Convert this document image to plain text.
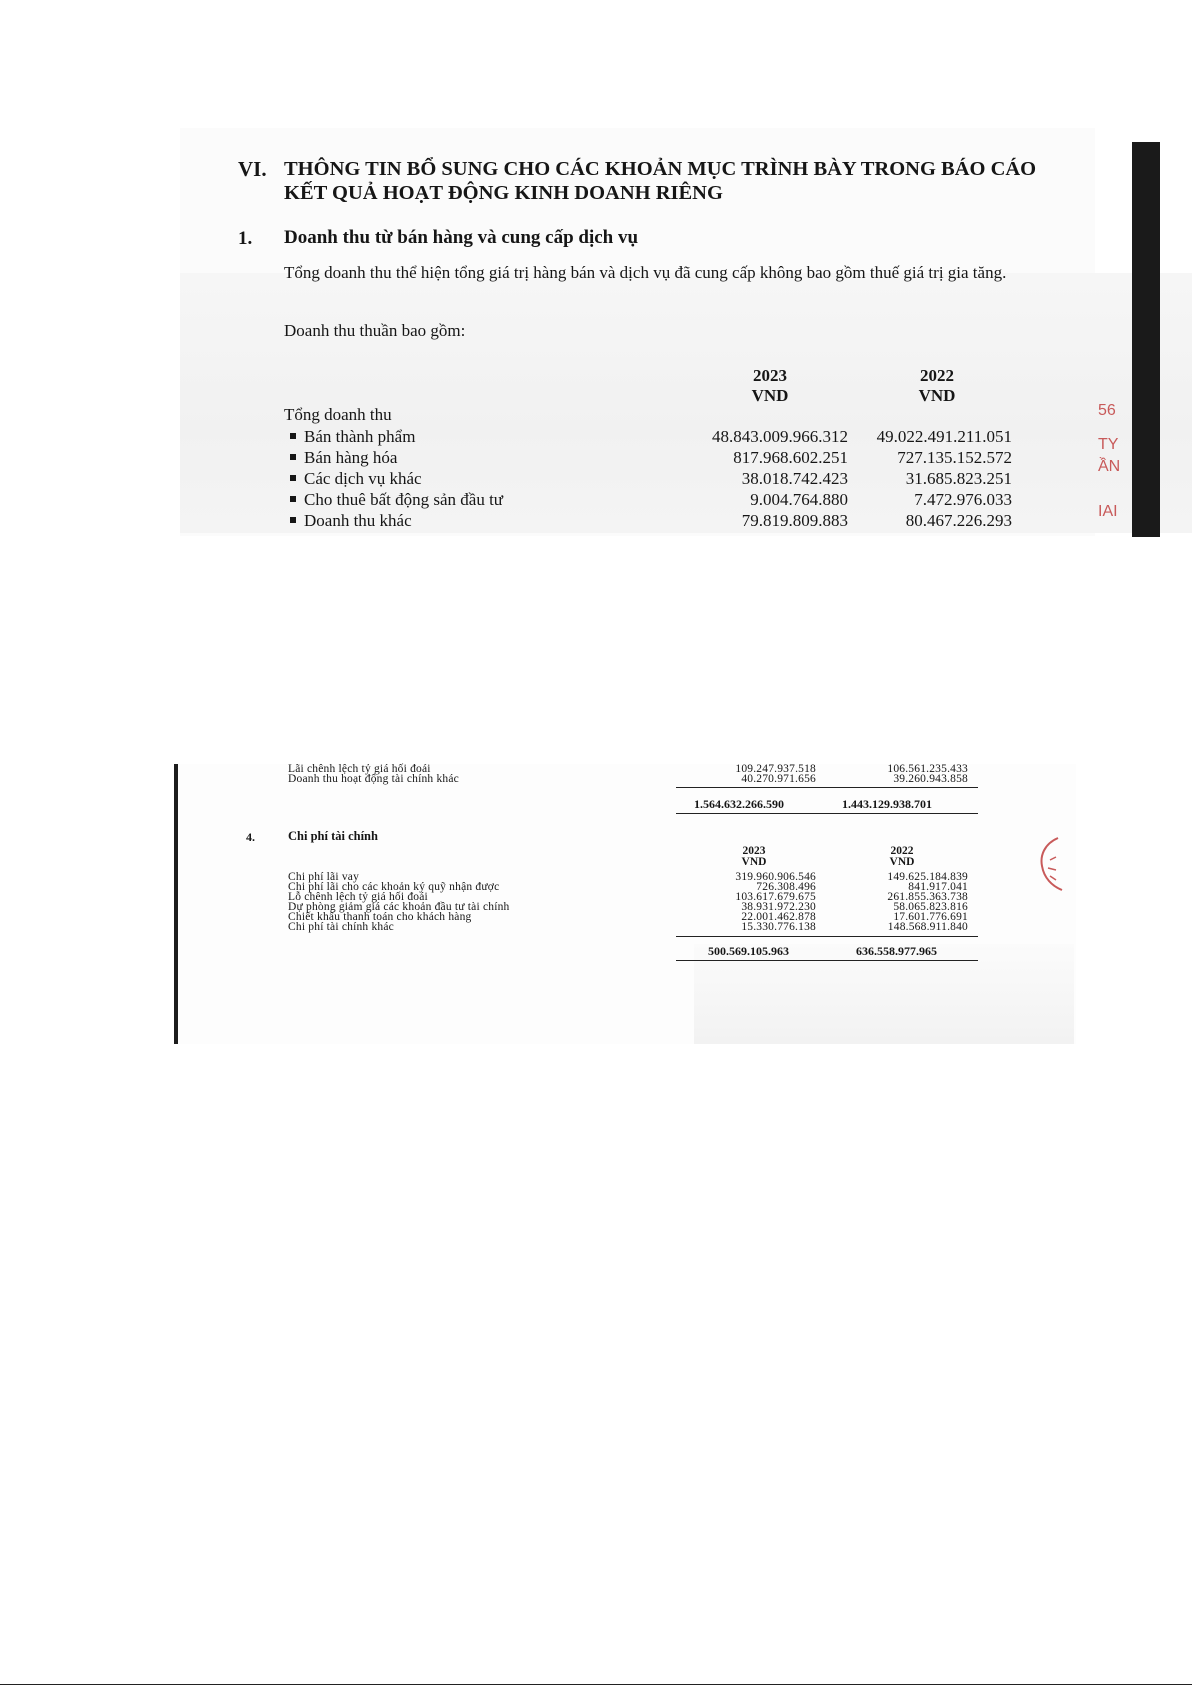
56
TY
ẦN
IAI
VI. THÔNG TIN BỔ SUNG CHO CÁC KHOẢN MỤC TRÌNH BÀY TRONG BÁO CÁO KẾT QUẢ HOẠT ĐỘNG KINH DOANH RIÊNG
1. Doanh thu từ bán hàng và cung cấp dịch vụ
Tổng doanh thu thể hiện tổng giá trị hàng bán và dịch vụ đã cung cấp không bao gồm thuế giá trị gia tăng.
Doanh thu thuần bao gồm:
2023
VND
2022
VND
Tổng doanh thu
Bán thành phẩm	48.843.009.966.312 49.022.491.211.051
Bán hàng hóa	817.968.602.251	727.135.152.572
Các dịch vụ khác	38.018.742.423	31.685.823.251
Cho thuê bất động sản đầu tư	9.004.764.880	7.472.976.033
Doanh thu khác	79.819.809.883	80.467.226.293
Lãi chênh lệch tỷ giá hối đoái	109.247.937.518	106.561.235.433
Doanh thu hoạt động tài chính khác	40.270.971.656	39.260.943.858
1.564.632.266.590	1.443.129.938.701
4.	Chi phí tài chính
2023
VND
2022
VND
Chi phí lãi vay	319.960.906.546	149.625.184.839
Chi phí lãi cho các khoản ký quỹ nhận được	726.308.496	841.917.041
Lỗ chênh lệch tỷ giá hối đoái	103.617.679.675	261.855.363.738
Dự phòng giảm giá các khoản đầu tư tài chính	38.931.972.230	58.065.823.816
Chiết khấu thanh toán cho khách hàng	22.001.462.878	17.601.776.691
Chi phí tài chính khác	15.330.776.138	148.568.911.840
500.569.105.963	636.558.977.965
